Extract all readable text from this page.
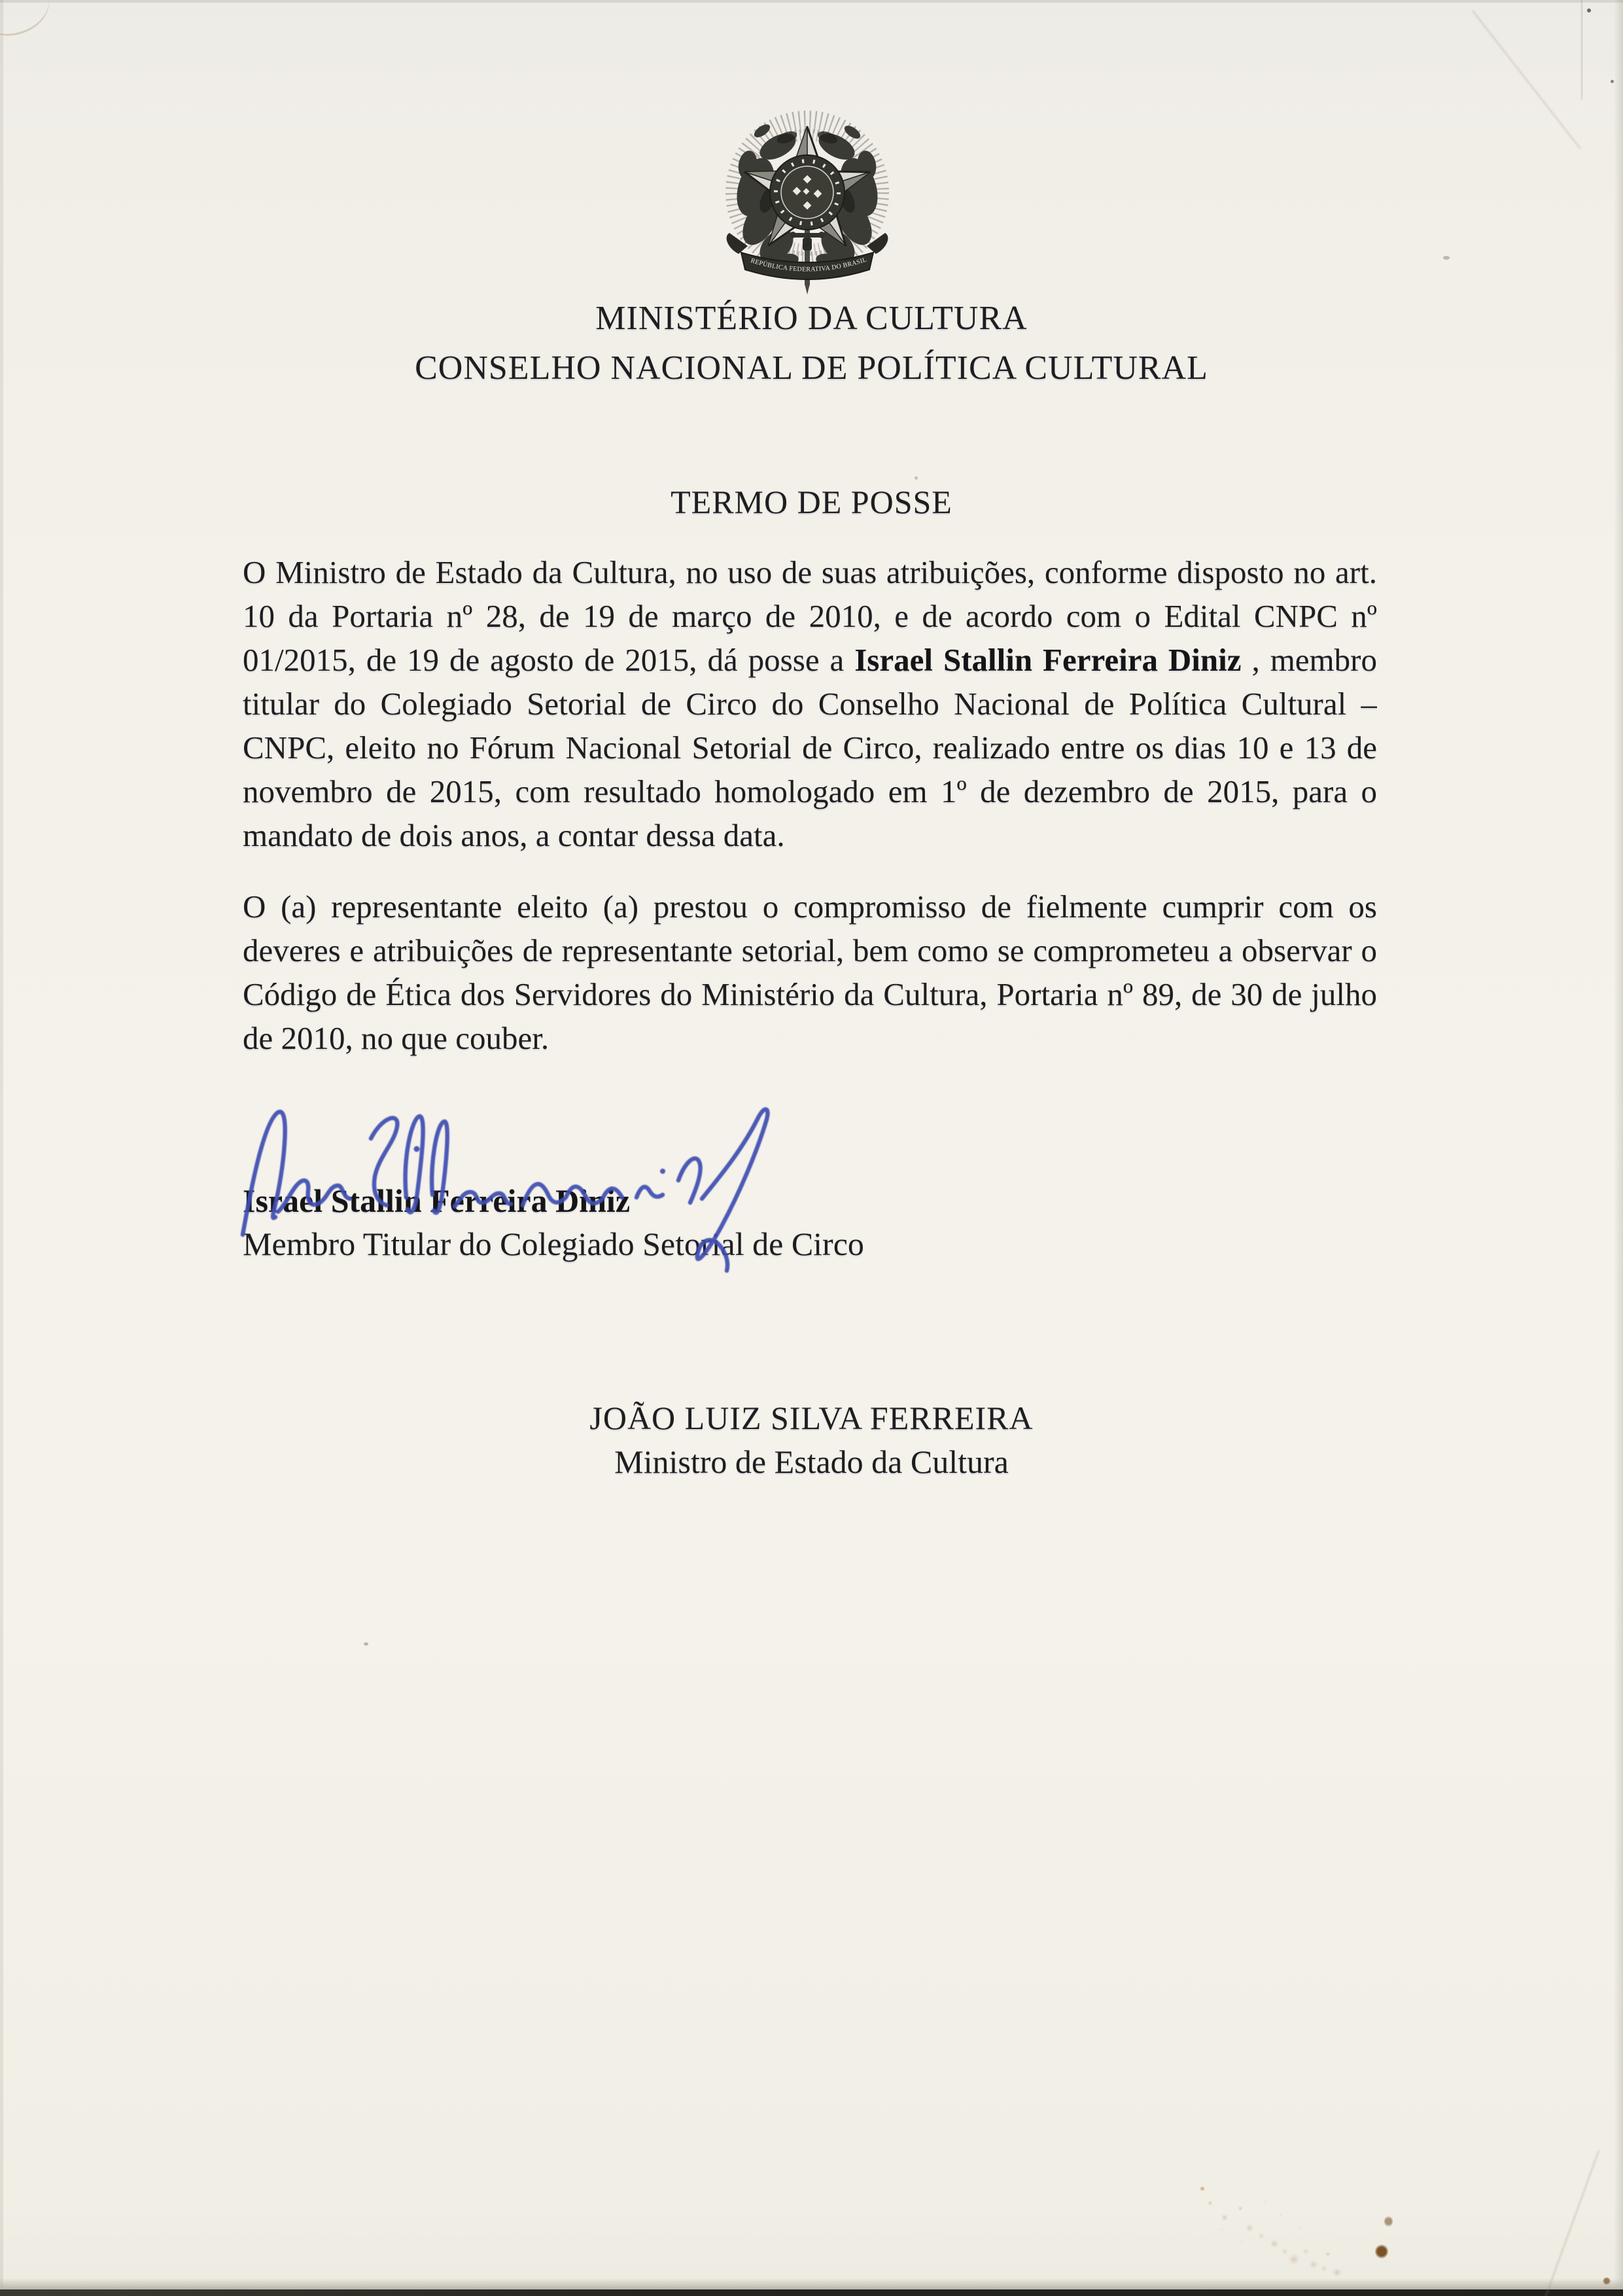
REPÚBLICA FEDERATIVA DO BRASIL
15 de Novembro
de 1889
MINISTÉRIO DA CULTURA
CONSELHO NACIONAL DE POLÍTICA CULTURAL
TERMO DE POSSE
O Ministro de Estado da Cultura, no uso de suas atribuições, conforme disposto no art.
10 da Portaria nº 28, de 19 de março de 2010, e de acordo com o Edital CNPC nº
01/2015, de 19 de agosto de 2015, dá posse a Israel Stallin Ferreira Diniz , membro
titular do Colegiado Setorial de Circo do Conselho Nacional de Política Cultural –
CNPC, eleito no Fórum Nacional Setorial de Circo, realizado entre os dias 10 e 13 de
novembro de 2015, com resultado homologado em 1º de dezembro de 2015, para o
mandato de dois anos, a contar dessa data.
O (a) representante eleito (a) prestou o compromisso de fielmente cumprir com os
deveres e atribuições de representante setorial, bem como se comprometeu a observar o
Código de Ética dos Servidores do Ministério da Cultura, Portaria nº 89, de 30 de julho
de 2010, no que couber.
Israel Stallin Ferreira Diniz
Membro Titular do Colegiado Setorial de Circo
JOÃO LUIZ SILVA FERREIRA
Ministro de Estado da Cultura
